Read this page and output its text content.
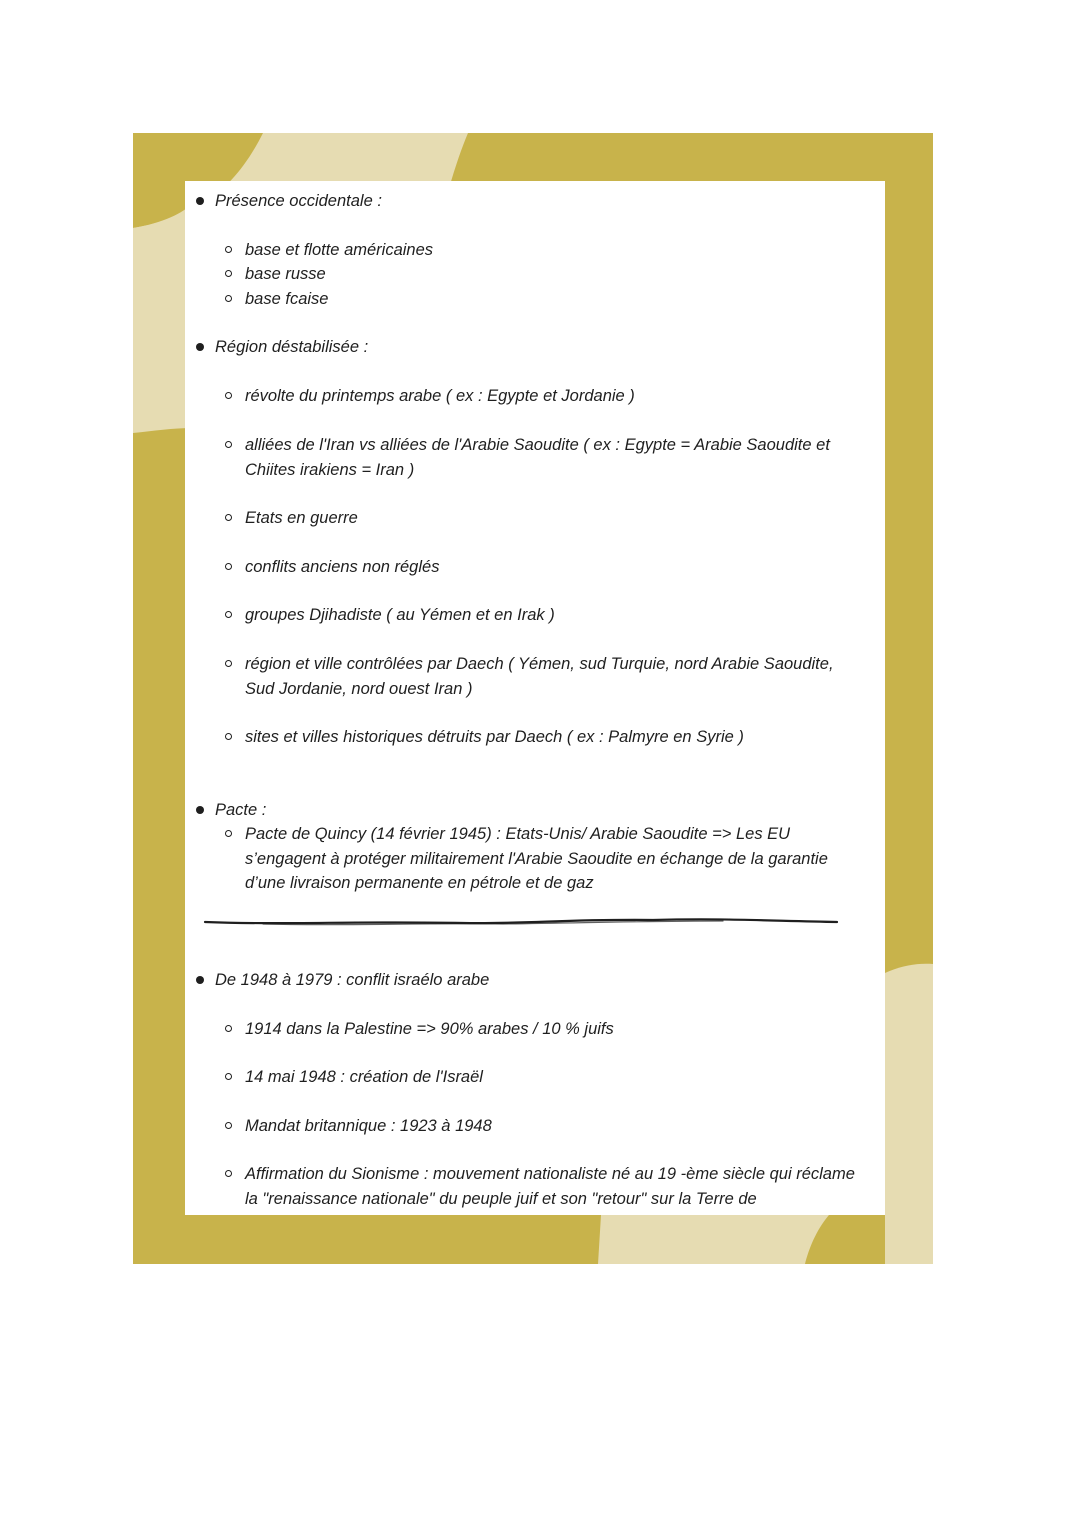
Présence occidentale :
base et flotte américaines
base russe
base fcaise
Région déstabilisée :
révolte du printemps arabe ( ex : Egypte et Jordanie )
alliées de l'Iran vs alliées de l'Arabie Saoudite ( ex : Egypte = Arabie Saoudite et Chiites irakiens = Iran )
Etats en guerre
conflits anciens non réglés
groupes Djihadiste ( au Yémen et en Irak )
région et ville contrôlées par Daech ( Yémen, sud Turquie, nord Arabie Saoudite, Sud Jordanie, nord ouest Iran )
sites et villes historiques détruits par Daech ( ex : Palmyre en Syrie )
Pacte :
Pacte de Quincy (14 février 1945) : Etats-Unis/ Arabie Saoudite => Les EU s’engagent à protéger militairement l'Arabie Saoudite en échange de la garantie d’une livraison permanente en pétrole et de gaz
De 1948 à 1979 : conflit israélo arabe
1914 dans la Palestine => 90% arabes / 10 % juifs
14 mai 1948 : création de l'Israël
Mandat britannique : 1923 à 1948
Affirmation du Sionisme : mouvement nationaliste né au 19 -ème siècle qui réclame la "renaissance nationale" du peuple juif et son "retour" sur la Terre de
